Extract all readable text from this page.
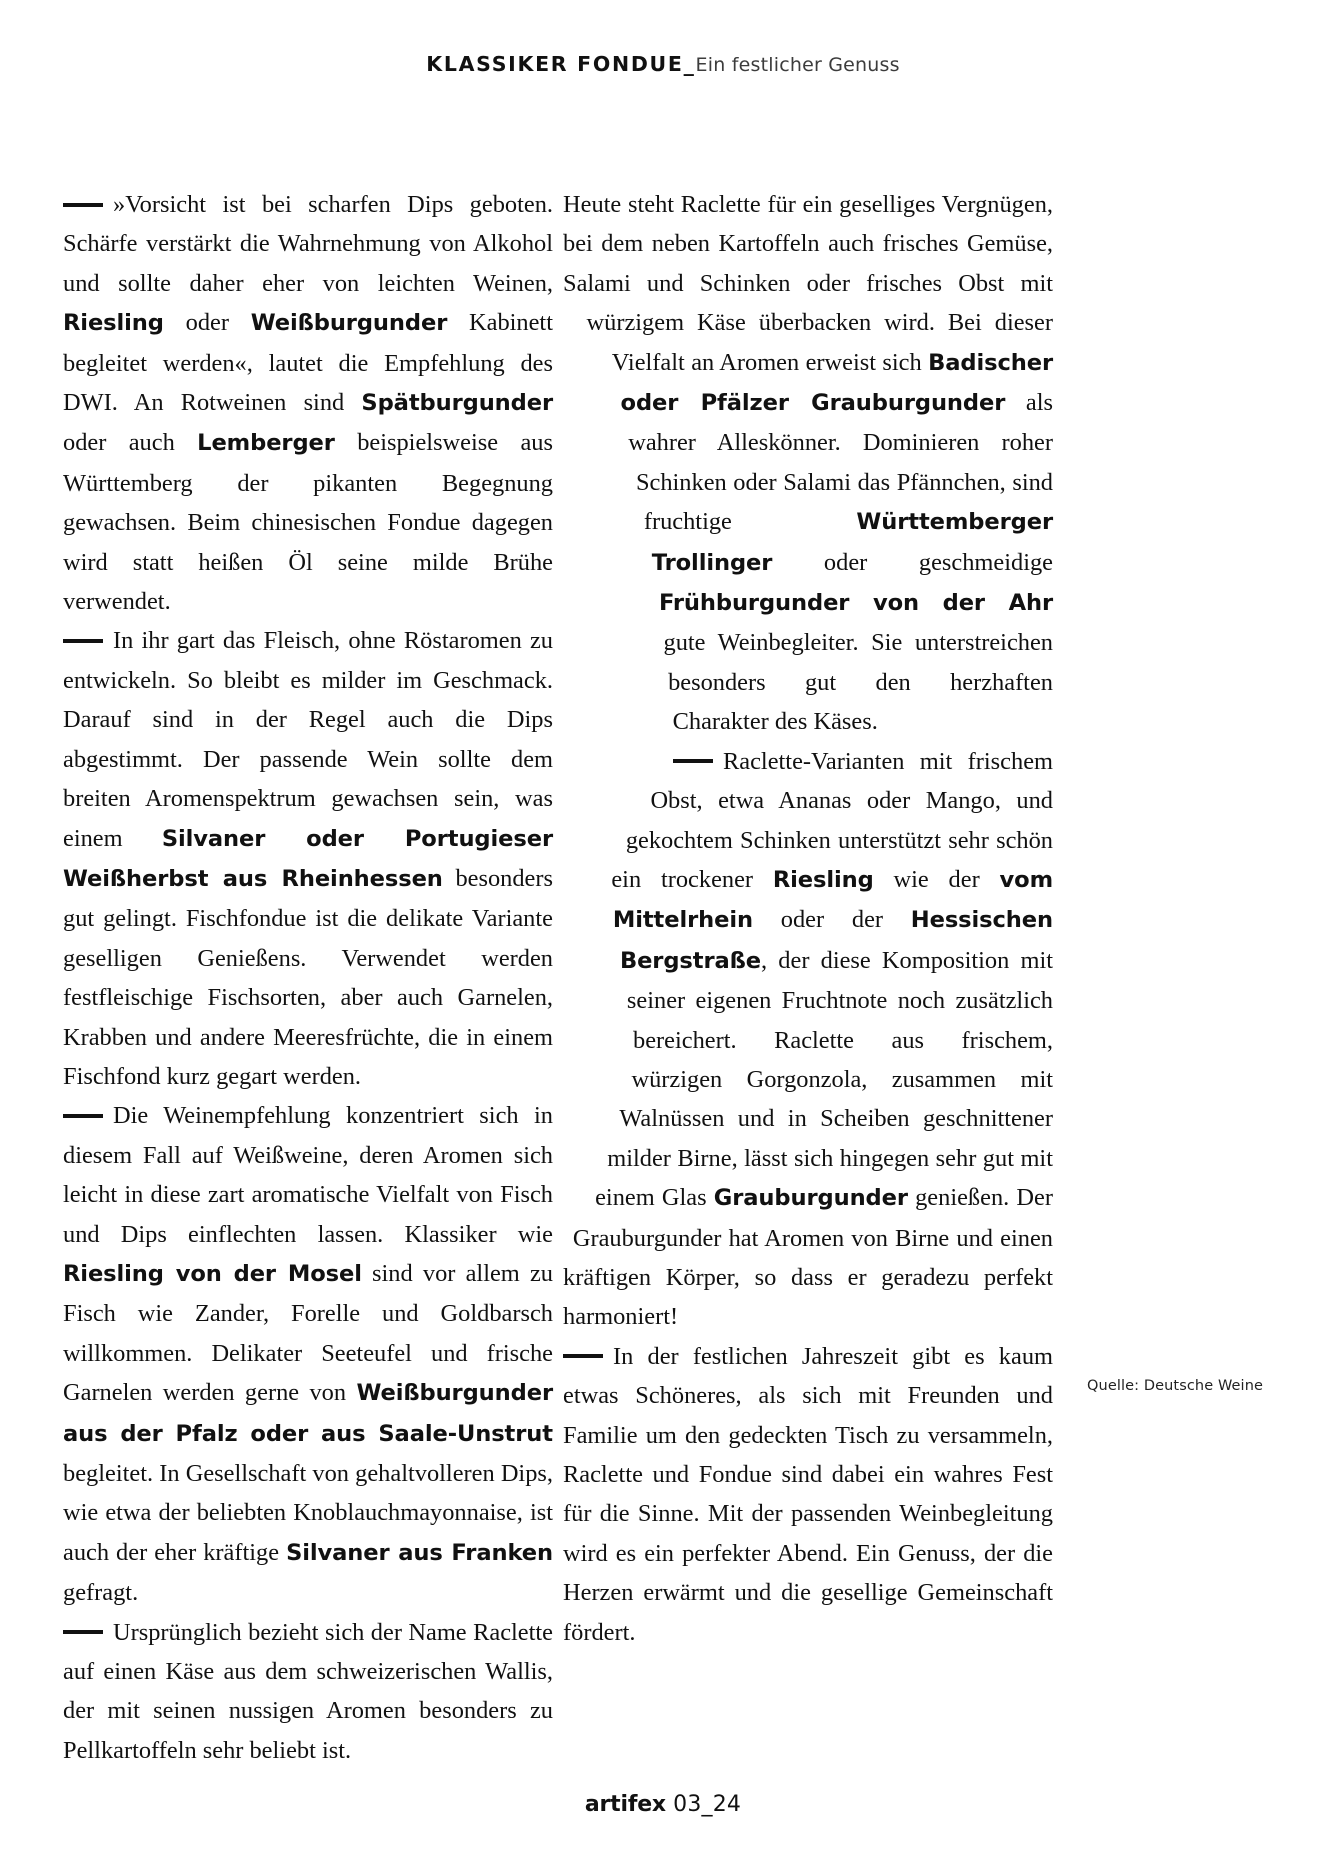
KLASSIKER FONDUE_Ein festlicher Genuss

»Vorsicht ist bei scharfen Dips geboten. Schärfe verstärkt die Wahrnehmung von Alkohol und sollte daher eher von leichten Weinen, Riesling oder Weißburgunder Kabinett begleitet werden«, lautet die Empfehlung des DWI. An Rotweinen sind Spätburgunder oder auch Lemberger beispielsweise aus Württemberg der pikanten Begegnung gewachsen. Beim chinesischen Fondue dagegen wird statt heißen Öl seine milde Brühe verwendet.

In ihr gart das Fleisch, ohne Röstaromen zu entwickeln. So bleibt es milder im Geschmack. Darauf sind in der Regel auch die Dips abgestimmt. Der passende Wein sollte dem breiten Aromenspektrum gewachsen sein, was einem Silvaner oder Portugieser Weißherbst aus Rheinhessen besonders gut gelingt. Fischfondue ist die delikate Variante geselligen Genießens. Verwendet werden festfleischige Fischsorten, aber auch Garnelen, Krabben und andere Meeresfrüchte, die in einem Fischfond kurz gegart werden.

Die Weinempfehlung konzentriert sich in diesem Fall auf Weißweine, deren Aromen sich leicht in diese zart aromatische Vielfalt von Fisch und Dips einflechten lassen. Klassiker wie Riesling von der Mosel sind vor allem zu Fisch wie Zander, Forelle und Goldbarsch willkommen. Delikater Seeteufel und frische Garnelen werden gerne von Weißburgunder aus der Pfalz oder aus Saale-Unstrut begleitet. In Gesellschaft von gehaltvolleren Dips, wie etwa der beliebten Knoblauchmayonnaise, ist auch der eher kräftige Silvaner aus Franken gefragt.

Ursprünglich bezieht sich der Name Raclette auf einen Käse aus dem schweizerischen Wallis, der mit seinen nussigen Aromen besonders zu Pellkartoffeln sehr beliebt ist.

Heute steht Raclette für ein geselliges Vergnügen, bei dem neben Kartoffeln auch frisches Gemüse, Salami und Schinken oder frisches Obst mit würzigem Käse überbacken wird. Bei dieser Vielfalt an Aromen erweist sich Badischer oder Pfälzer Grauburgunder als wahrer Alleskönner. Dominieren roher Schinken oder Salami das Pfännchen, sind fruchtige Württemberger Trollinger oder geschmeidige Frühburgunder von der Ahr gute Weinbegleiter. Sie unterstreichen besonders gut den herzhaften Charakter des Käses.

Raclette-Varianten mit frischem Obst, etwa Ananas oder Mango, und gekochtem Schinken unterstützt sehr schön ein trockener Riesling wie der vom Mittelrhein oder der Hessischen Bergstraße, der diese Komposition mit seiner eigenen Fruchtnote noch zusätzlich bereichert. Raclette aus frischem, würzigen Gorgonzola, zusammen mit Walnüssen und in Scheiben geschnittener milder Birne, lässt sich hingegen sehr gut mit einem Glas Grauburgunder genießen. Der Grauburgunder hat Aromen von Birne und einen kräftigen Körper, so dass er geradezu perfekt harmoniert!

In der festlichen Jahreszeit gibt es kaum etwas Schöneres, als sich mit Freunden und Familie um den gedeckten Tisch zu versammeln, Raclette und Fondue sind dabei ein wahres Fest für die Sinne. Mit der passenden Weinbegleitung wird es ein perfekter Abend. Ein Genuss, der die Herzen erwärmt und die gesellige Gemeinschaft fördert.

Quelle: Deutsche Weine
artifex 03_24
